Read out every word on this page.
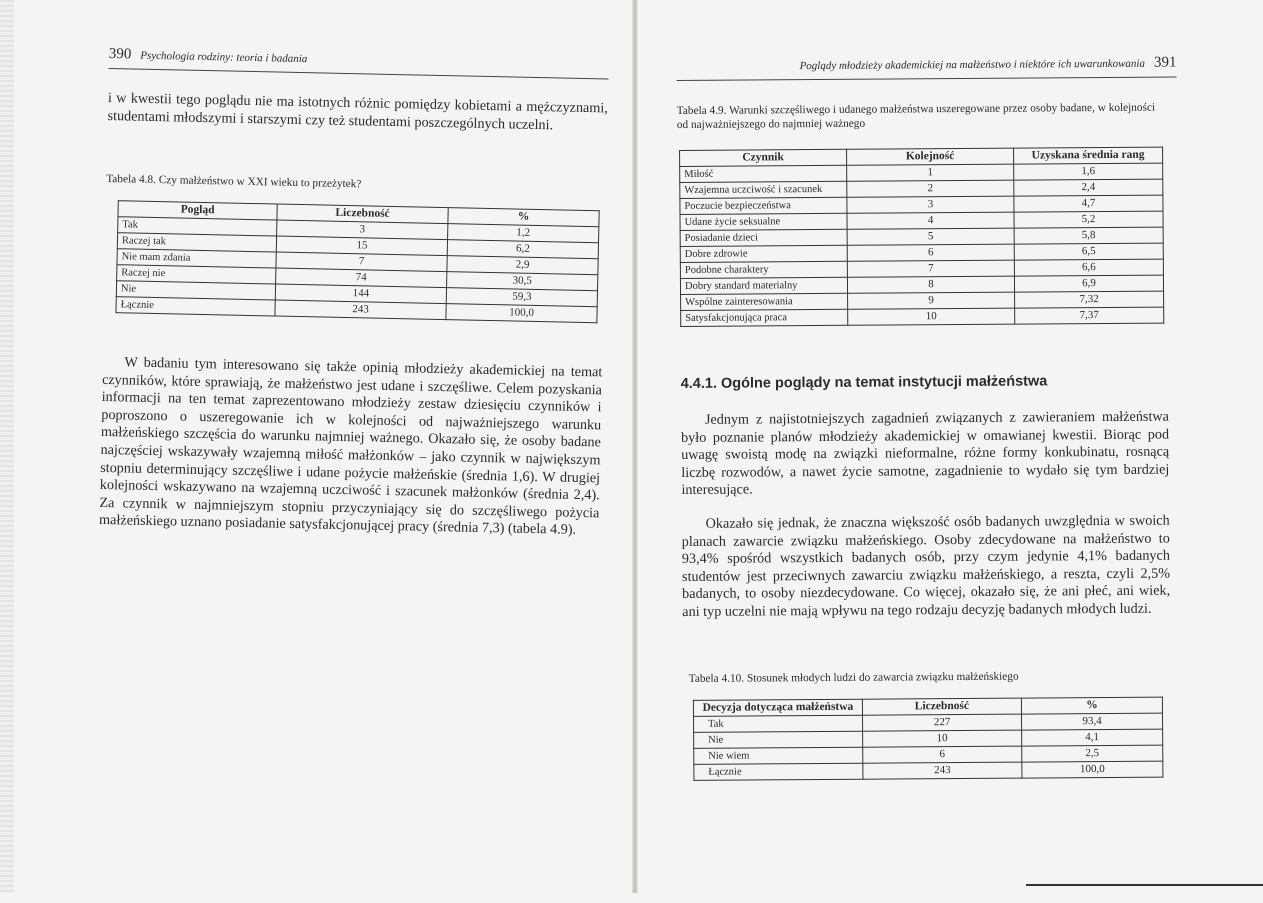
390 Psychologia rodziny: teoria i badania

i w kwestii tego poglądu nie ma istotnych różnic pomiędzy kobietami a mężczyznami, studentami młodszymi i starszymi czy też studentami poszczególnych uczelni.

Tabela 4.8. Czy małżeństwo w XXI wieku to przeżytek?

Pogląd	Liczebność	%
Tak	3	1,2
Raczej tak	15	6,2
Nie mam zdania	7	2,9
Raczej nie	74	30,5
Nie	144	59,3
Łącznie	243	100,0

W badaniu tym interesowano się także opinią młodzieży akademickiej na temat czynników, które sprawiają, że małżeństwo jest udane i szczęśliwe. Celem pozyskania informacji na ten temat zaprezentowano młodzieży zestaw dziesięciu czynników i poproszono o uszeregowanie ich w kolejności od najważniejszego warunku małżeńskiego szczęścia do warunku najmniej ważnego. Okazało się, że osoby badane najczęściej wskazywały wzajemną miłość małżonków – jako czynnik w największym stopniu determinujący szczęśliwe i udane pożycie małżeńskie (średnia 1,6). W drugiej kolejności wskazywano na wzajemną uczciwość i szacunek małżonków (średnia 2,4). Za czynnik w najmniejszym stopniu przyczyniający się do szczęśliwego pożycia małżeńskiego uznano posiadanie satysfakcjonującej pracy (średnia 7,3) (tabela 4.9).

Poglądy młodzieży akademickiej na małżeństwo i niektóre ich uwarunkowania 391

Tabela 4.9. Warunki szczęśliwego i udanego małżeństwa uszeregowane przez osoby badane, w kolejności od najważniejszego do najmniej ważnego

Czynnik	Kolejność	Uzyskana średnia rang
Miłość	1	1,6
Wzajemna uczciwość i szacunek	2	2,4
Poczucie bezpieczeństwa	3	4,7
Udane życie seksualne	4	5,2
Posiadanie dzieci	5	5,8
Dobre zdrowie	6	6,5
Podobne charaktery	7	6,6
Dobry standard materialny	8	6,9
Wspólne zainteresowania	9	7,32
Satysfakcjonująca praca	10	7,37
4.4.1. Ogólne poglądy na temat instytucji małżeństwa

Jednym z najistotniejszych zagadnień związanych z zawieraniem małżeństwa było poznanie planów młodzieży akademickiej w omawianej kwestii. Biorąc pod uwagę swoistą modę na związki nieformalne, różne formy konkubinatu, rosnącą liczbę rozwodów, a nawet życie samotne, zagadnienie to wydało się tym bardziej interesujące.

Okazało się jednak, że znaczna większość osób badanych uwzględnia w swoich planach zawarcie związku małżeńskiego. Osoby zdecydowane na małżeństwo to 93,4% spośród wszystkich badanych osób, przy czym jedynie 4,1% badanych studentów jest przeciwnych zawarciu związku małżeńskiego, a reszta, czyli 2,5% badanych, to osoby niezdecydowane. Co więcej, okazało się, że ani płeć, ani wiek, ani typ uczelni nie mają wpływu na tego rodzaju decyzję badanych młodych ludzi.

Tabela 4.10. Stosunek młodych ludzi do zawarcia związku małżeńskiego

Decyzja dotycząca małżeństwa	Liczebność	%
Tak	227	93,4
Nie	10	4,1
Nie wiem	6	2,5
Łącznie	243	100,0
